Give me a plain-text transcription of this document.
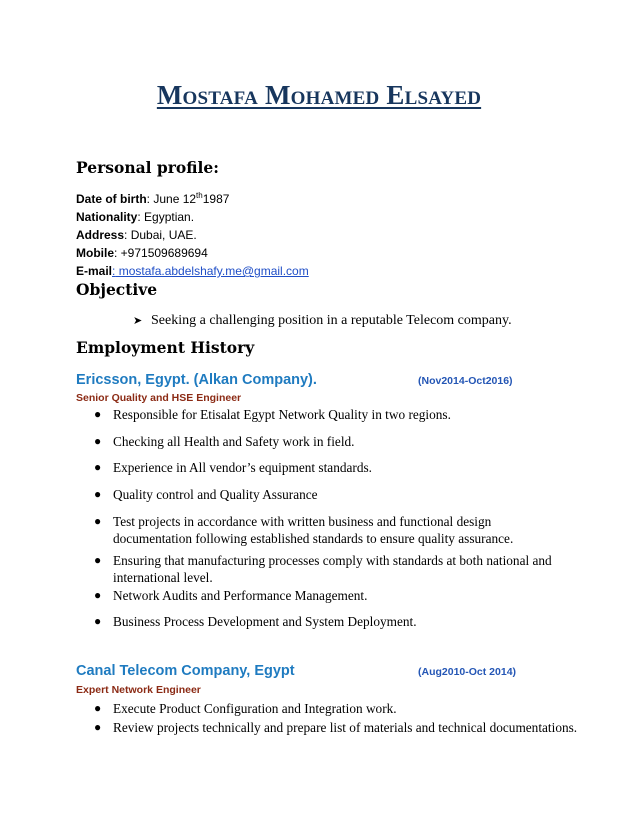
Mostafa Mohamed Elsayed
Personal profile:
Date of birth: June 12th1987
Nationality: Egyptian.
Address: Dubai, UAE.
Mobile: +971509689694
E-mail: mostafa.abdelshafy.me@gmail.com
Objective
➤ Seeking a challenging position in a reputable Telecom company.
Employment History
Ericsson, Egypt. (Alkan Company).	(Nov2014-Oct2016)
Senior Quality and HSE Engineer
● Responsible for Etisalat Egypt Network Quality in two regions.
● Checking all Health and Safety work in field.
● Experience in All vendor’s equipment standards.
● Quality control and Quality Assurance
● Test projects in accordance with written business and functional design documentation following established standards to ensure quality assurance.
● Ensuring that manufacturing processes comply with standards at both national and international level.
● Network Audits and Performance Management.
● Business Process Development and System Deployment.
Canal Telecom Company, Egypt	(Aug2010-Oct 2014)
Expert Network Engineer
● Execute Product Configuration and Integration work.
● Review projects technically and prepare list of materials and technical documentations.
